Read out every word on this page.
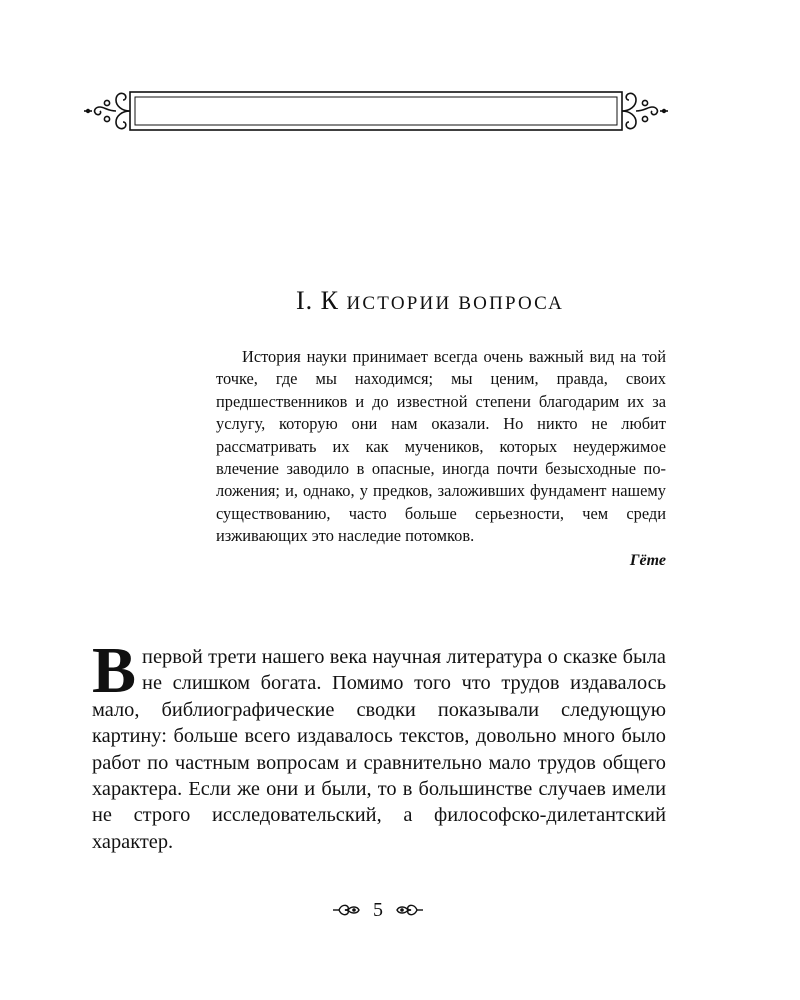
I. К ИСТОРИИ ВОПРОСА

История науки принимает всегда очень важный вид на той точке, где мы находимся; мы ценим, правда, своих предшественников и до известной степени благодарим их за услугу, которую они нам оказали. Но никто не любит рассматривать их как мучеников, которых неудержимое влечение заводило в опасные, иногда почти безысходные положения; и, однако, у предков, заложивших фундамент нашему существованию, часто больше серьезности, чем среди изживающих это наследие потомков.

Гёте

Впервой трети нашего века научная литература о сказке была не слишком богата. Помимо того что трудов издавалось мало, библиографические сводки показывали следующую картину: больше всего издавалось текстов, довольно много было работ по частным вопросам и сравнительно мало трудов общего характера. Если же они и были, то в большинстве случаев имели не строго исследовательский, а философско-дилетантский характер.

5
